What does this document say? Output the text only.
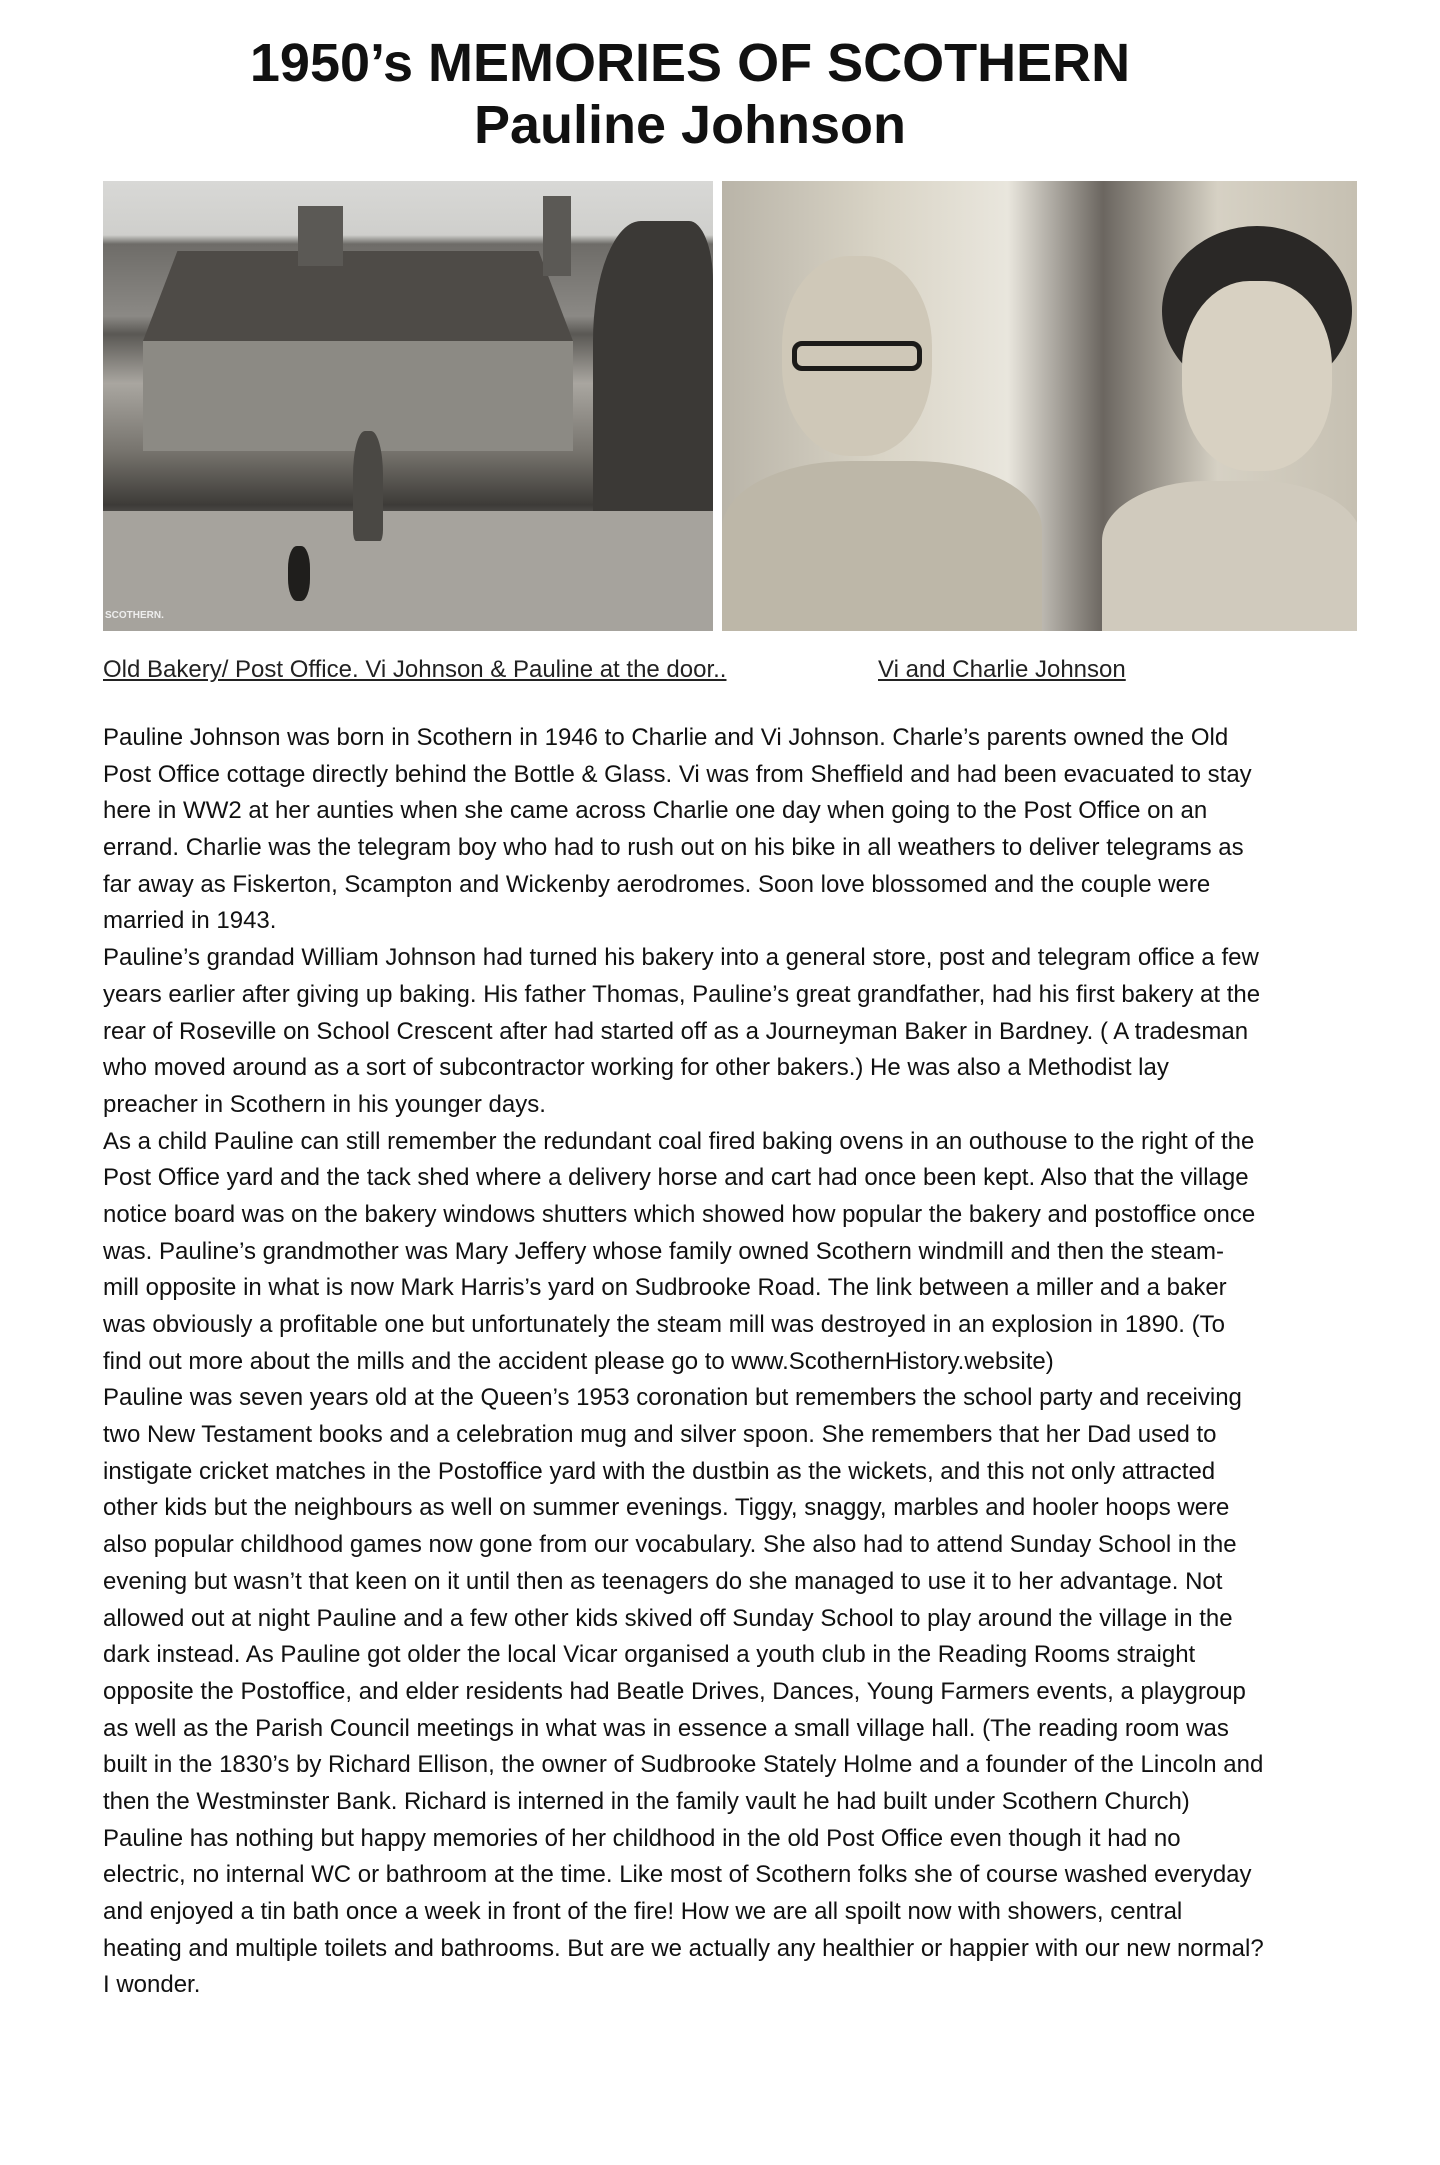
1950’s MEMORIES OF SCOTHERN
Pauline Johnson
SCOTHERN.
Old Bakery/ Post Office. Vi Johnson & Pauline at the door..	Vi and Charlie Johnson
Pauline Johnson was born in Scothern in 1946 to Charlie and Vi Johnson. Charle’s parents owned the Old
Post Office cottage directly behind the Bottle & Glass. Vi was from Sheffield and had been evacuated to stay
here in WW2 at her aunties when she came across Charlie one day when going to the Post Office on an
errand. Charlie was the telegram boy who had to rush out on his bike in all weathers to deliver telegrams as
far away as Fiskerton, Scampton and Wickenby aerodromes. Soon love blossomed and the couple were
married in 1943.
Pauline’s grandad William Johnson had turned his bakery into a general store, post and telegram office a few
years earlier after giving up baking. His father Thomas, Pauline’s great grandfather, had his first bakery at the
rear of Roseville on School Crescent after had started off as a Journeyman Baker in Bardney. ( A tradesman
who moved around as a sort of subcontractor working for other bakers.) He was also a Methodist lay
preacher in Scothern in his younger days.
As a child Pauline can still remember the redundant coal fired baking ovens in an outhouse to the right of the
Post Office yard and the tack shed where a delivery horse and cart had once been kept. Also that the village
notice board was on the bakery windows shutters which showed how popular the bakery and postoffice once
was. Pauline’s grandmother was Mary Jeffery whose family owned Scothern windmill and then the steam-
mill opposite in what is now Mark Harris’s yard on Sudbrooke Road. The link between a miller and a baker
was obviously a profitable one but unfortunately the steam mill was destroyed in an explosion in 1890. (To
find out more about the mills and the accident please go to www.ScothernHistory.website)
Pauline was seven years old at the Queen’s 1953 coronation but remembers the school party and receiving
two New Testament books and a celebration mug and silver spoon. She remembers that her Dad used to
instigate cricket matches in the Postoffice yard with the dustbin as the wickets, and this not only attracted
other kids but the neighbours as well on summer evenings. Tiggy, snaggy, marbles and hooler hoops were
also popular childhood games now gone from our vocabulary. She also had to attend Sunday School in the
evening but wasn’t that keen on it until then as teenagers do she managed to use it to her advantage. Not
allowed out at night Pauline and a few other kids skived off Sunday School to play around the village in the
dark instead. As Pauline got older the local Vicar organised a youth club in the Reading Rooms straight
opposite the Postoffice, and elder residents had Beatle Drives, Dances, Young Farmers events, a playgroup
as well as the Parish Council meetings in what was in essence a small village hall. (The reading room was
built in the 1830’s by Richard Ellison, the owner of Sudbrooke Stately Holme and a founder of the Lincoln and
then the Westminster Bank. Richard is interned in the family vault he had built under Scothern Church)
Pauline has nothing but happy memories of her childhood in the old Post Office even though it had no
electric, no internal WC or bathroom at the time. Like most of Scothern folks she of course washed everyday
and enjoyed a tin bath once a week in front of the fire! How we are all spoilt now with showers, central
heating and multiple toilets and bathrooms. But are we actually any healthier or happier with our new normal?
I wonder.
